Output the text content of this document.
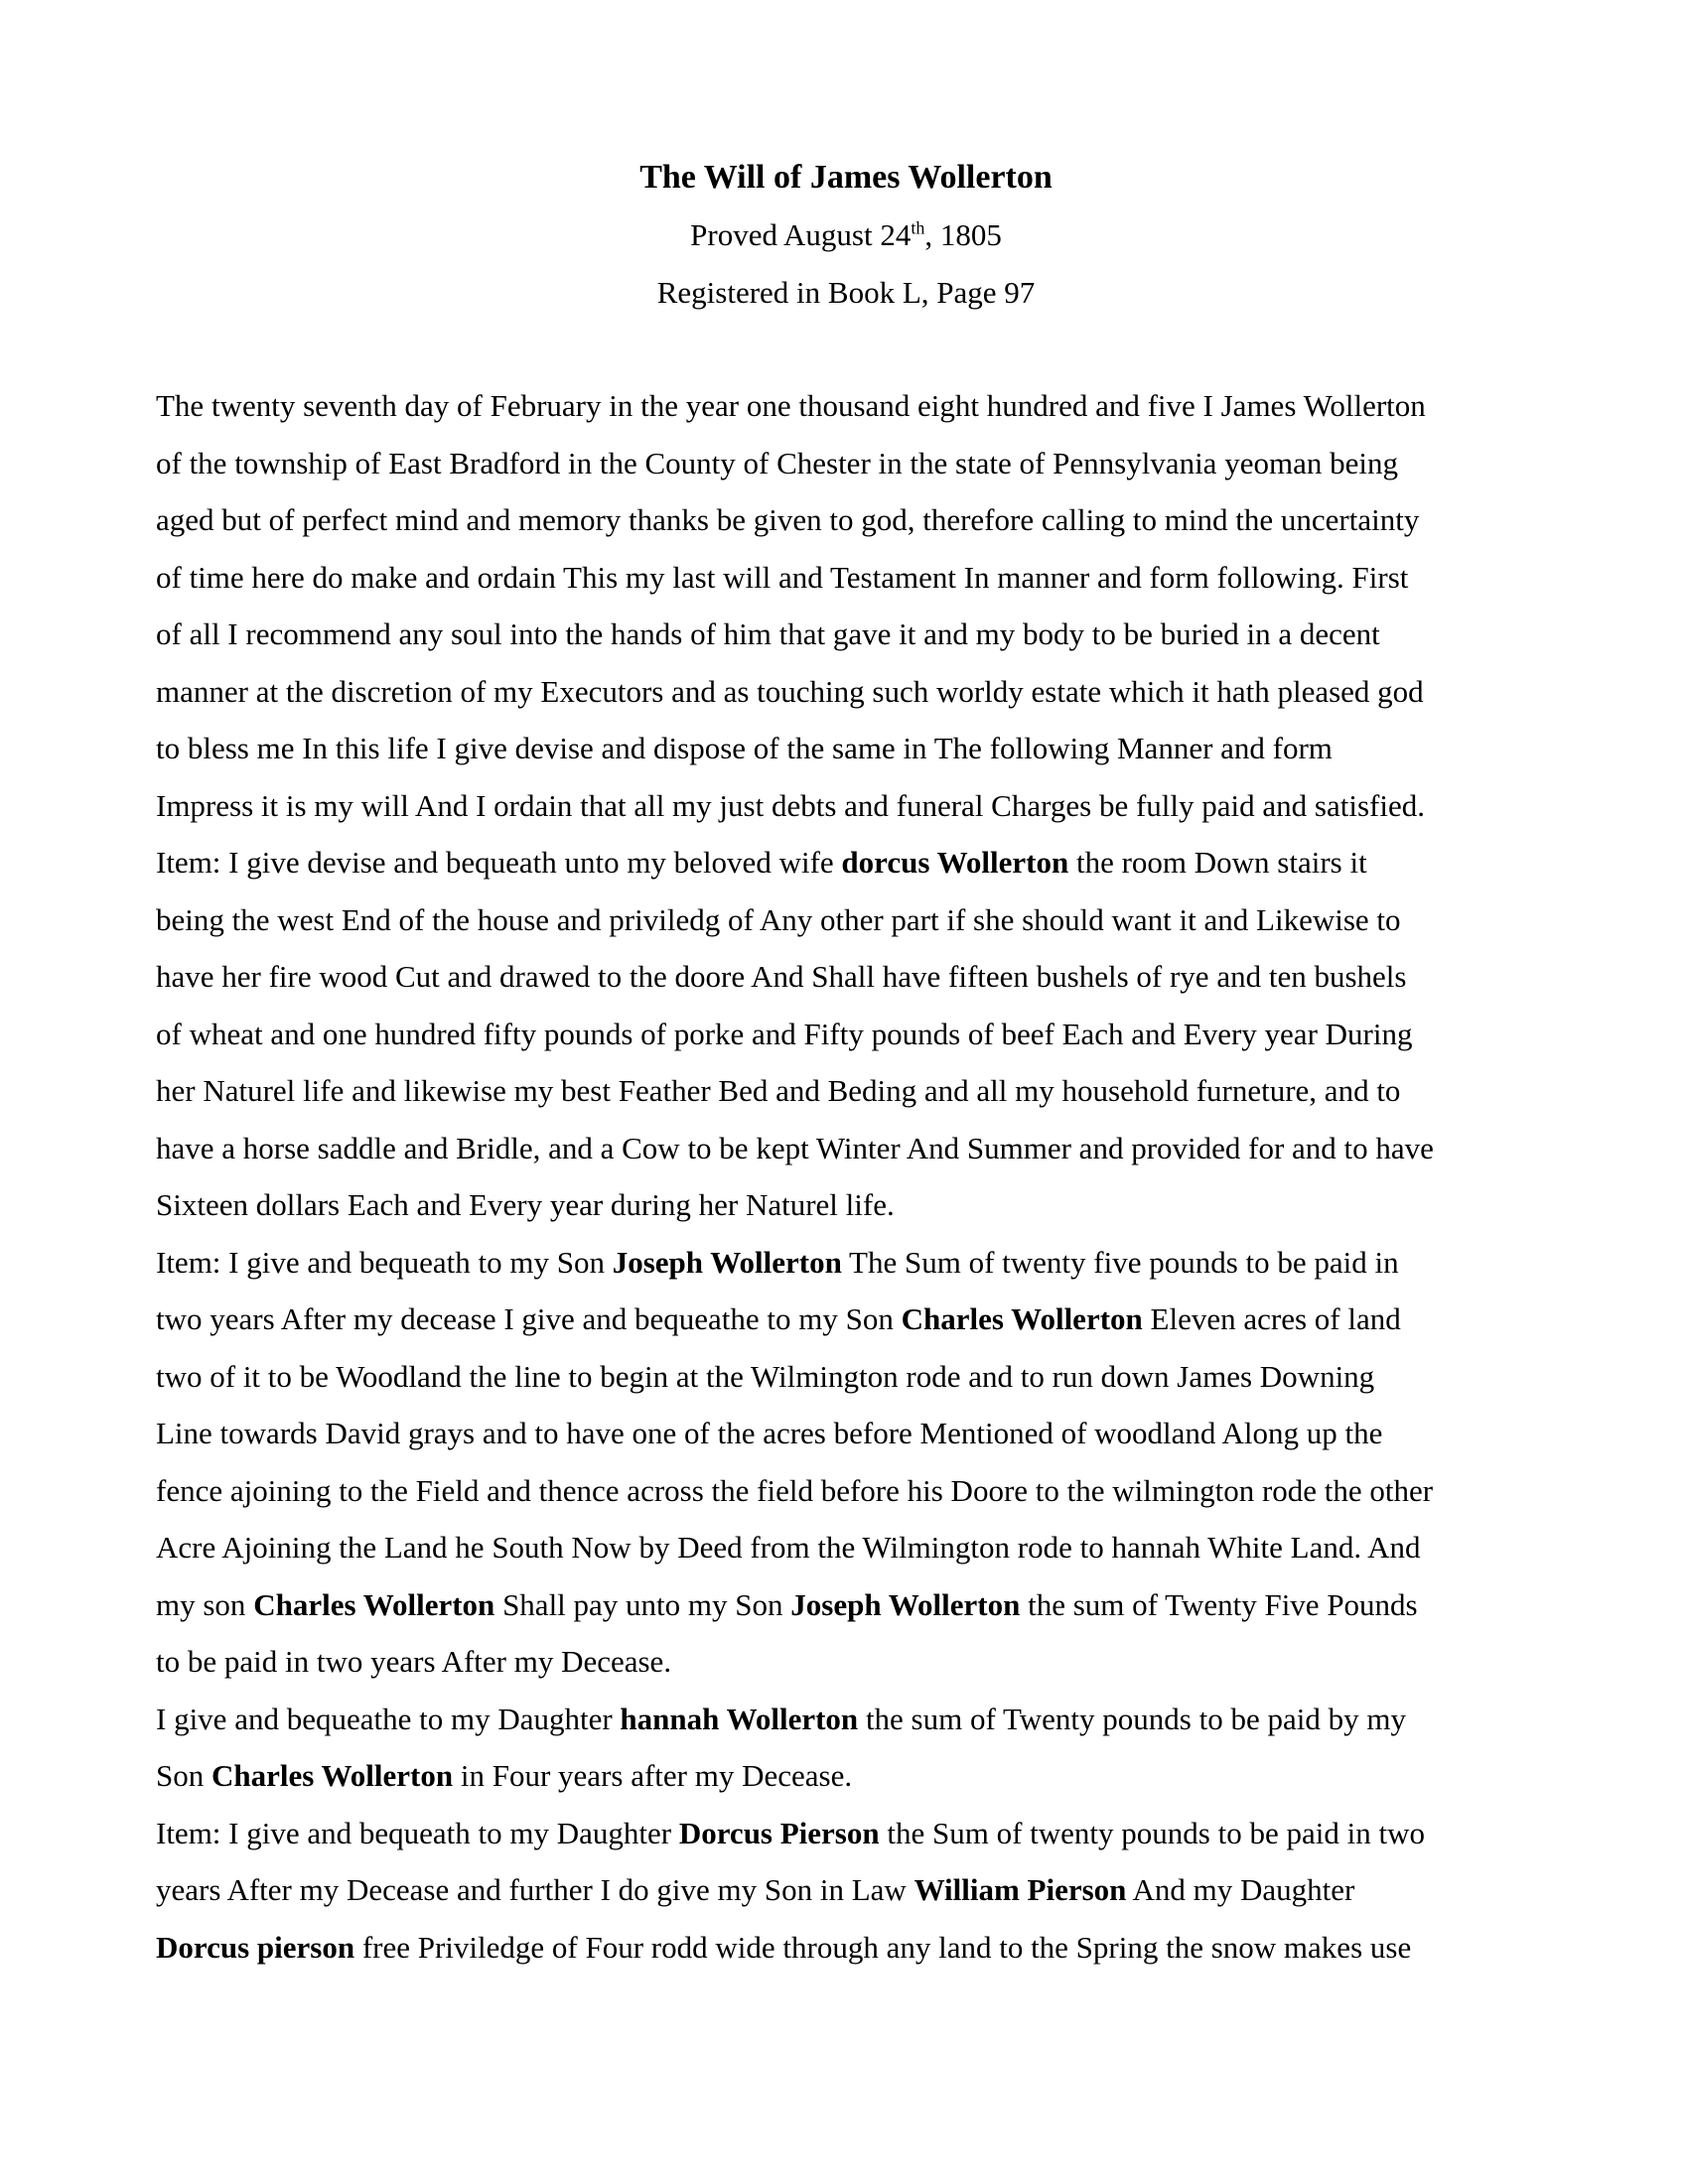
The Will of James Wollerton

Proved August 24th, 1805

Registered in Book L, Page 97

The twenty seventh day of February in the year one thousand eight hundred and five I James Wollerton
of the township of East Bradford in the County of Chester in the state of Pennsylvania yeoman being
aged but of perfect mind and memory thanks be given to god, therefore calling to mind the uncertainty
of time here do make and ordain This my last will and Testament In manner and form following. First
of all I recommend any soul into the hands of him that gave it and my body to be buried in a decent
manner at the discretion of my Executors and as touching such worldy estate which it hath pleased god
to bless me In this life I give devise and dispose of the same in The following Manner and form
Impress it is my will And I ordain that all my just debts and funeral Charges be fully paid and satisfied.
Item: I give devise and bequeath unto my beloved wife dorcus Wollerton the room Down stairs it
being the west End of the house and priviledg of Any other part if she should want it and Likewise to
have her fire wood Cut and drawed to the doore And Shall have fifteen bushels of rye and ten bushels
of wheat and one hundred fifty pounds of porke and Fifty pounds of beef Each and Every year During
her Naturel life and likewise my best Feather Bed and Beding and all my household furneture, and to
have a horse saddle and Bridle, and a Cow to be kept Winter And Summer and provided for and to have
Sixteen dollars Each and Every year during her Naturel life.
Item: I give and bequeath to my Son Joseph Wollerton The Sum of twenty five pounds to be paid in
two years After my decease I give and bequeathe to my Son Charles Wollerton Eleven acres of land
two of it to be Woodland the line to begin at the Wilmington rode and to run down James Downing
Line towards David grays and to have one of the acres before Mentioned of woodland Along up the
fence ajoining to the Field and thence across the field before his Doore to the wilmington rode the other
Acre Ajoining the Land he South Now by Deed from the Wilmington rode to hannah White Land. And
my son Charles Wollerton Shall pay unto my Son Joseph Wollerton the sum of Twenty Five Pounds
to be paid in two years After my Decease.
I give and bequeathe to my Daughter hannah Wollerton the sum of Twenty pounds to be paid by my
Son Charles Wollerton in Four years after my Decease.
Item: I give and bequeath to my Daughter Dorcus Pierson the Sum of twenty pounds to be paid in two
years After my Decease and further I do give my Son in Law William Pierson And my Daughter
Dorcus pierson free Priviledge of Four rodd wide through any land to the Spring the snow makes use
